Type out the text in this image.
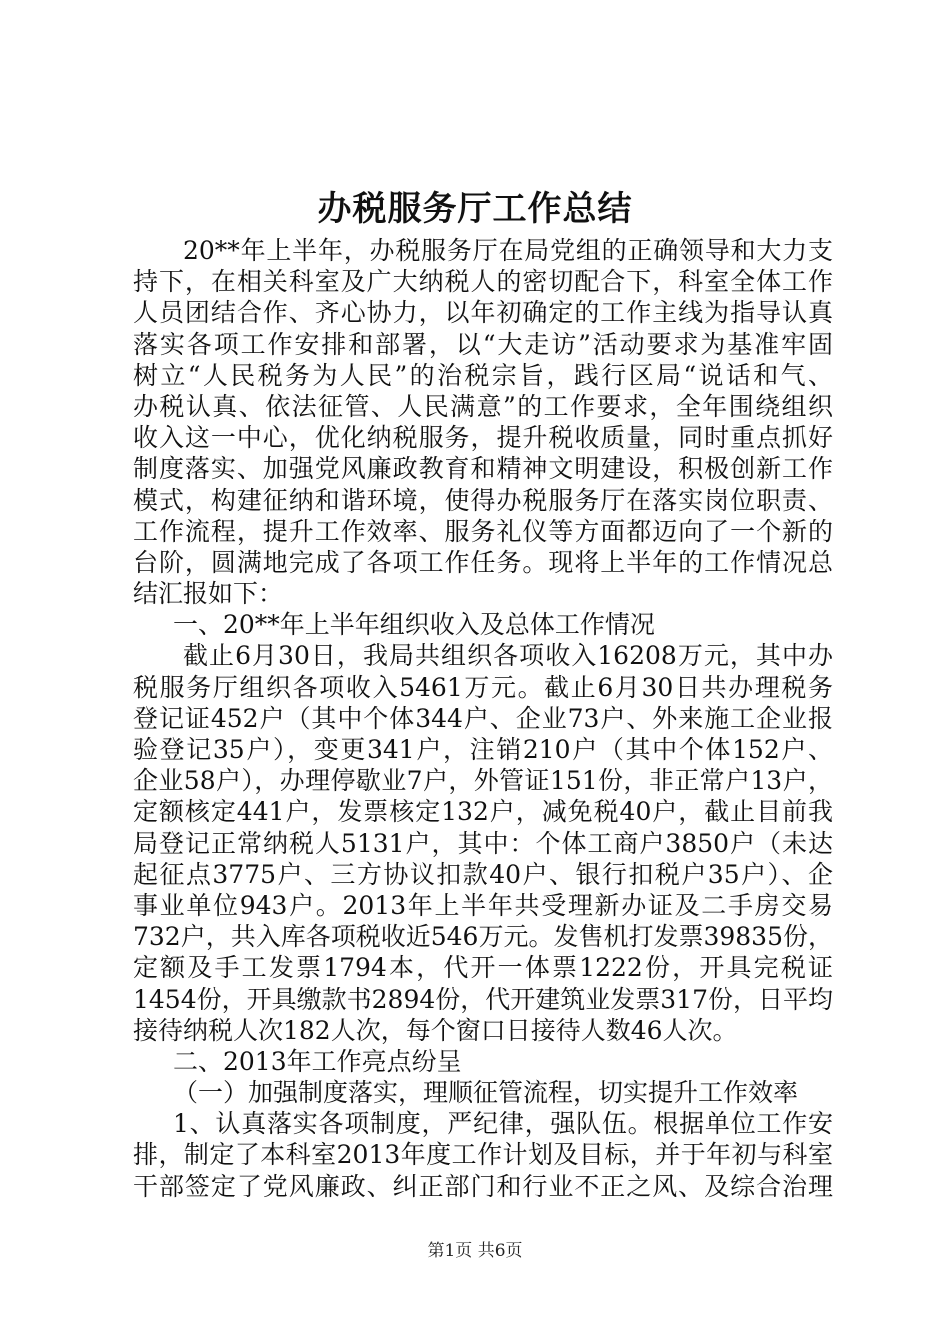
办税服务厅工作总结
20**年上半年，办税服务厅在局党组的正确领导和大力支
持下，在相关科室及广大纳税人的密切配合下，科室全体工作
人员团结合作、齐心协力，以年初确定的工作主线为指导认真
落实各项工作安排和部署，以“大走访”活动要求为基准牢固
树立“人民税务为人民”的治税宗旨，践行区局“说话和气、
办税认真、依法征管、人民满意”的工作要求，全年围绕组织
收入这一中心，优化纳税服务，提升税收质量，同时重点抓好
制度落实、加强党风廉政教育和精神文明建设，积极创新工作
模式，构建征纳和谐环境，使得办税服务厅在落实岗位职责、
工作流程，提升工作效率、服务礼仪等方面都迈向了一个新的
台阶，圆满地完成了各项工作任务。现将上半年的工作情况总
结汇报如下：
一、20**年上半年组织收入及总体工作情况
截止6月30日，我局共组织各项收入16208万元，其中办
税服务厅组织各项收入5461万元。截止6月30日共办理税务
登记证452户（其中个体344户、企业73户、外来施工企业报
验登记35户），变更341户，注销210户（其中个体152户、
企业58户），办理停歇业7户，外管证151份，非正常户13户，
定额核定441户，发票核定132户，减免税40户，截止目前我
局登记正常纳税人5131户，其中：个体工商户3850户（未达
起征点3775户、三方协议扣款40户、银行扣税户35户）、企
事业单位943户。2013年上半年共受理新办证及二手房交易
732户，共入库各项税收近546万元。发售机打发票39835份，
定额及手工发票1794本，代开一体票1222份，开具完税证
1454份，开具缴款书2894份，代开建筑业发票317份，日平均
接待纳税人次182人次，每个窗口日接待人数46人次。
二、2013年工作亮点纷呈
（一）加强制度落实，理顺征管流程，切实提升工作效率
1、认真落实各项制度，严纪律，强队伍。根据单位工作安
排，制定了本科室2013年度工作计划及目标，并于年初与科室
干部签定了党风廉政、纠正部门和行业不正之风、及综合治理
第1页 共6页
